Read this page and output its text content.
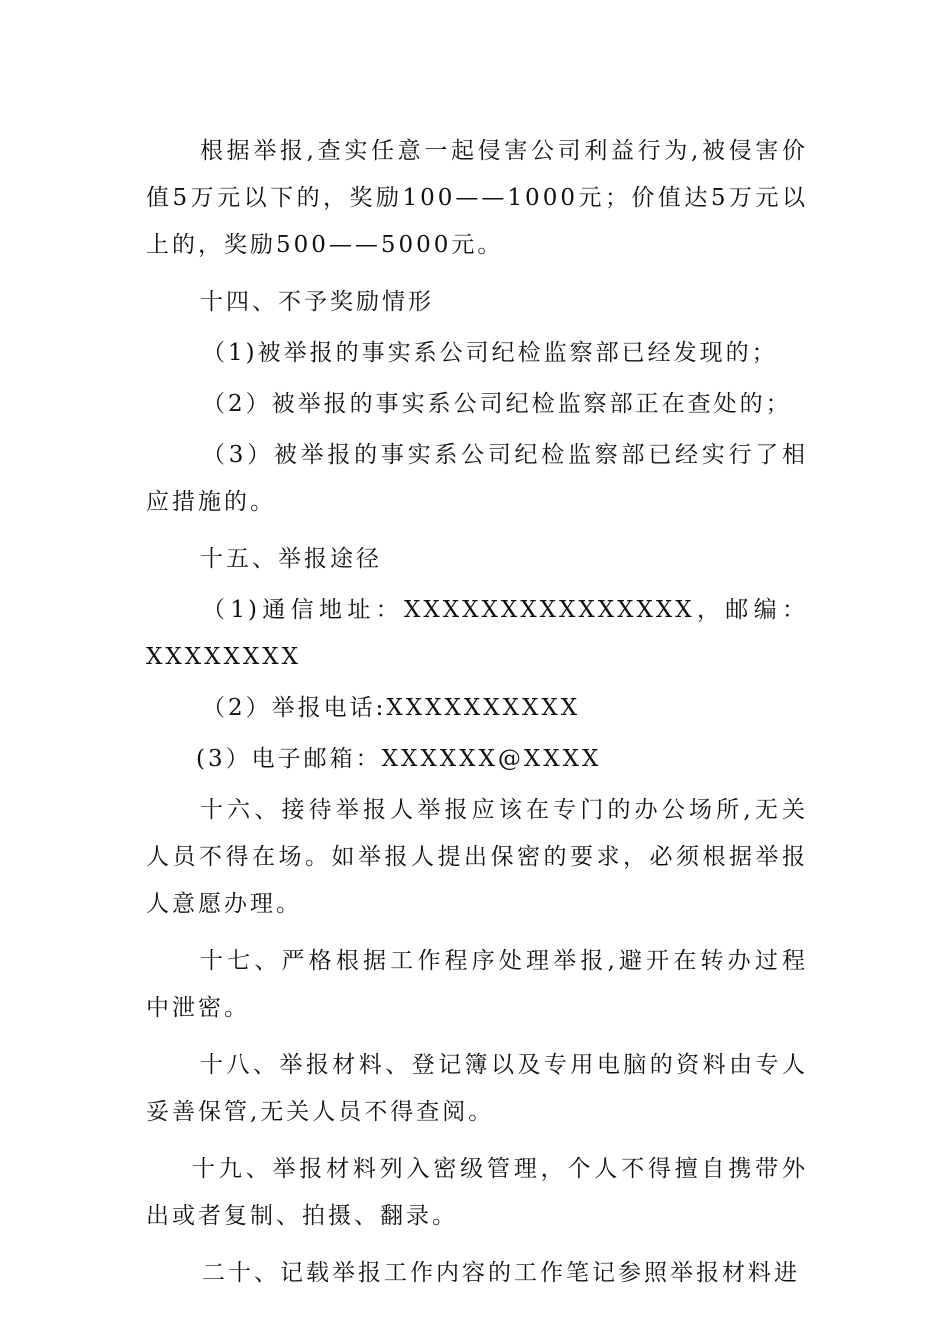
根据举报,查实任意一起侵害公司利益行为,被侵害价值5万元以下的，奖励100——1000元；价值达5万元以上的，奖励500——5000元。

十四、不予奖励情形

（1)被举报的事实系公司纪检监察部已经发现的；

（2）被举报的事实系公司纪检监察部正在查处的；

（3）被举报的事实系公司纪检监察部已经实行了相应措施的。

十五、举报途径

（1)通信地址：XXXXXXXXXXXXXXX，邮编：XXXXXXXX

（2）举报电话:XXXXXXXXXX

(3）电子邮箱：XXXXXX@XXXX

十六、接待举报人举报应该在专门的办公场所,无关人员不得在场。如举报人提出保密的要求，必须根据举报人意愿办理。

十七、严格根据工作程序处理举报,避开在转办过程中泄密。

十八、举报材料、登记簿以及专用电脑的资料由专人妥善保管,无关人员不得查阅。

十九、举报材料列入密级管理，个人不得擅自携带外出或者复制、拍摄、翻录。

二十、记载举报工作内容的工作笔记参照举报材料进
